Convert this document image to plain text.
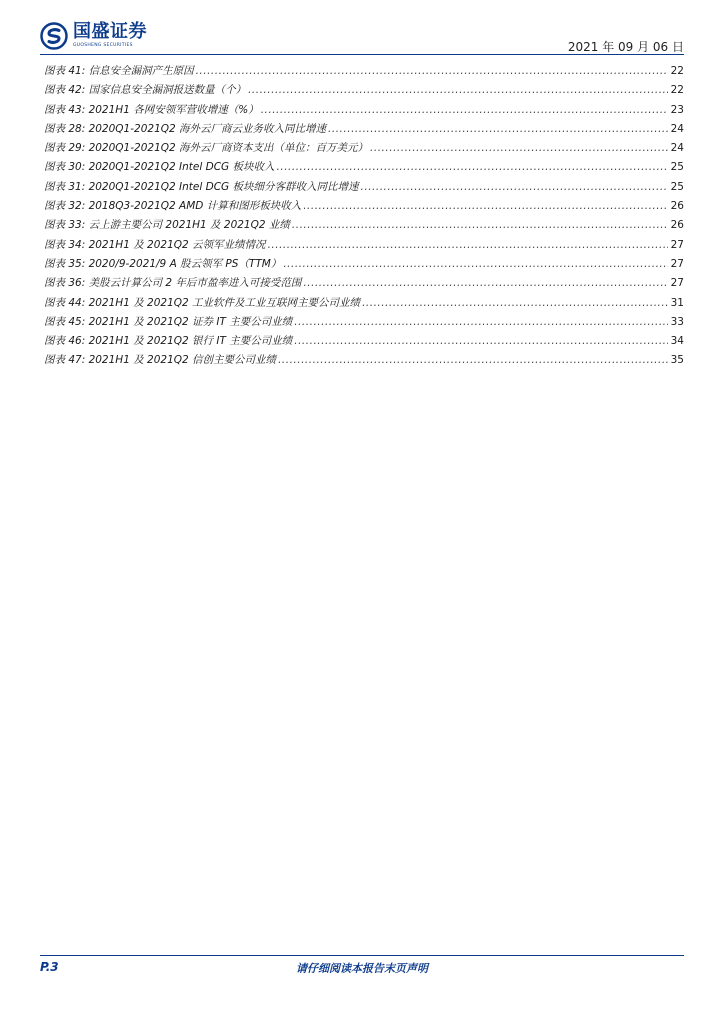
国盛证券
GUOSHENG SECURITIES	2021 年 09 月 06 日
图表 41: 信息安全漏洞产生原因 .....	22
图表 42: 国家信息安全漏洞报送数量（个） .....	22
图表 43: 2021H1 各网安领军营收增速（%） .....	23
图表 28: 2020Q1-2021Q2 海外云厂商云业务收入同比增速 .....	24
图表 29: 2020Q1-2021Q2 海外云厂商资本支出（单位：百万美元） .....	24
图表 30: 2020Q1-2021Q2 Intel DCG 板块收入 .....	25
图表 31: 2020Q1-2021Q2 Intel DCG 板块细分客群收入同比增速 .....	25
图表 32: 2018Q3-2021Q2 AMD 计算和图形板块收入 .....	26
图表 33: 云上游主要公司 2021H1 及 2021Q2 业绩 .....	26
图表 34: 2021H1 及 2021Q2 云领军业绩情况 .....	27
图表 35: 2020/9-2021/9 A 股云领军 PS（TTM） .....	27
图表 36: 美股云计算公司 2 年后市盈率进入可接受范围 .....	27
图表 44: 2021H1 及 2021Q2 工业软件及工业互联网主要公司业绩 .....	31
图表 45: 2021H1 及 2021Q2 证券 IT 主要公司业绩 .....	33
图表 46: 2021H1 及 2021Q2 银行 IT 主要公司业绩 .....	34
图表 47: 2021H1 及 2021Q2 信创主要公司业绩 .....	35
P.3	请仔细阅读本报告末页声明
